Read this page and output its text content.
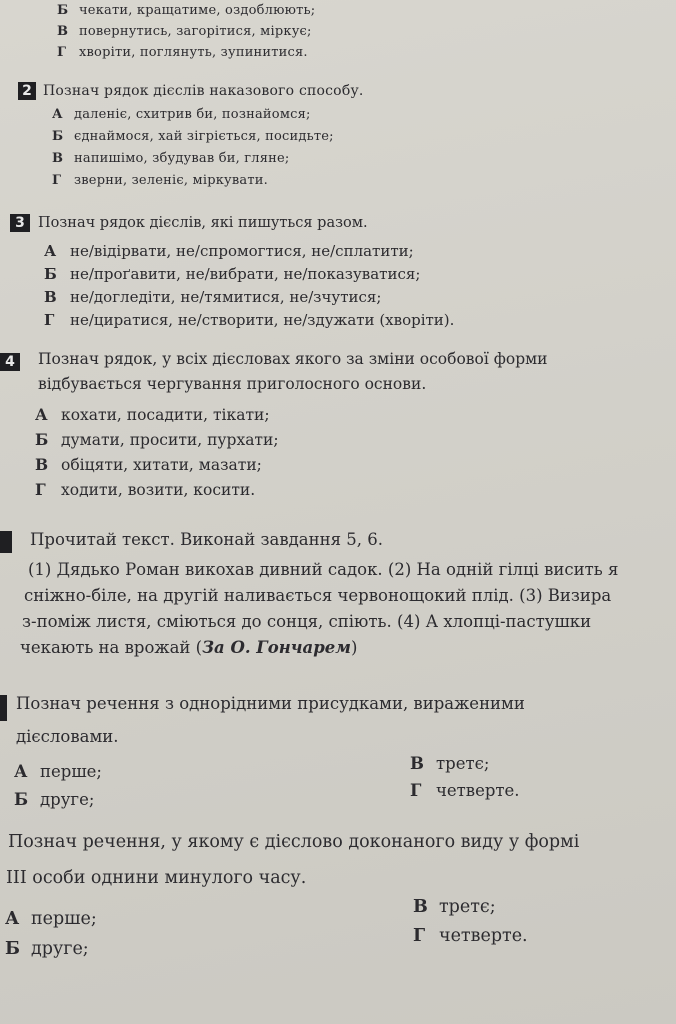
Б чекати, кращатиме, оздоблюють;
В повернутись, загорітися, міркує;
Г хворіти, поглянуть, зупинитися.
2 Познач рядок дієслів наказового способу.
А даленіє, схитрив би, познайомся;
Б єднаймося, хай зігріється, посидьте;
В напишімо, збудував би, гляне;
Г зверни, зеленіє, міркувати.
3 Познач рядок дієслів, які пишуться разом.
А не/відірвати, не/спромогтися, не/сплатити;
Б не/проґавити, не/вибрати, не/показуватися;
В не/догледіти, не/тямитися, не/зчутися;
Г не/циратися, не/створити, не/здужати (хворіти).
4	Познач рядок, у всіх дієсловах якого за зміни особової форми
відбувається чергування приголосного основи.
А кохати, посадити, тікати;
Б думати, просити, пурхати;
В обіцяти, хитати, мазати;
Г ходити, возити, косити.
Прочитай текст. Виконай завдання 5, 6.
(1) Дядько Роман викохав дивний садок. (2) На одній гілці висить я
сніжно-біле, на другій наливається червонощокий плід. (3) Визира
з-поміж листя, сміються до сонця, спіють. (4) А хлопці-пастушки
чекають на врожай (За О. Гончарем)
Познач речення з однорідними присудками, вираженими
дієсловами.
А перше;
Б друге;
В третє;
Г четверте.
Познач речення, у якому є дієслово доконаного виду у формі
ІІІ особи однини минулого часу.
А перше;
Б друге;
В третє;
Г четверте.
